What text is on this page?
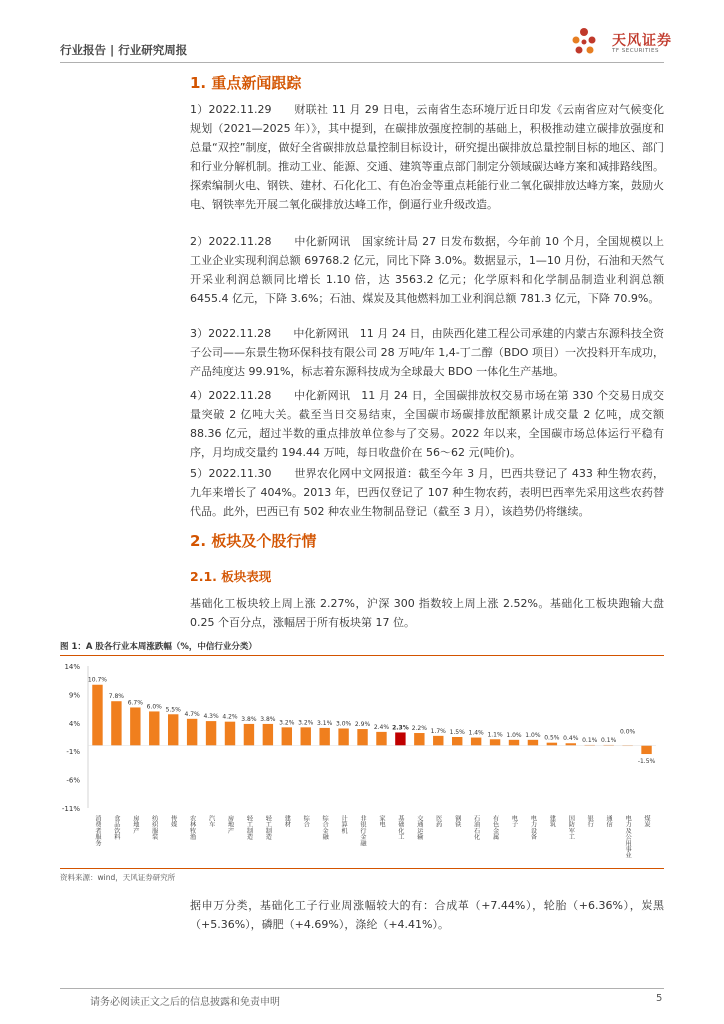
行业报告 | 行业研究周报
天风证券
TF SECURITIES
1. 重点新闻跟踪
1）2022.11.29　　财联社 11 月 29 日电，云南省生态环境厅近日印发《云南省应对气候变化规划（2021—2025 年）》，其中提到，在碳排放强度控制的基础上，积极推动建立碳排放强度和总量“双控”制度，做好全省碳排放总量控制目标设计，研究提出碳排放总量控制目标的地区、部门和行业分解机制。推动工业、能源、交通、建筑等重点部门制定分领域碳达峰方案和减排路线图。探索编制火电、钢铁、建材、石化化工、有色冶金等重点耗能行业二氧化碳排放达峰方案，鼓励火电、钢铁率先开展二氧化碳排放达峰工作，倒逼行业升级改造。
2）2022.11.28　　中化新网讯　国家统计局 27 日发布数据，今年前 10 个月，全国规模以上工业企业实现利润总额 69768.2 亿元，同比下降 3.0%。数据显示，1—10 月份，石油和天然气开采业利润总额同比增长 1.10 倍，达 3563.2 亿元；化学原料和化学制品制造业利润总额 6455.4 亿元，下降 3.6%；石油、煤炭及其他燃料加工业利润总额 781.3 亿元，下降 70.9%。
3）2022.11.28　　中化新网讯　11 月 24 日，由陕西化建工程公司承建的内蒙古东源科技全资子公司——东景生物环保科技有限公司 28 万吨/年 1,4-丁二醇（BDO 项目）一次投料开车成功，产品纯度达 99.91%，标志着东源科技成为全球最大 BDO 一体化生产基地。
4）2022.11.28　　中化新网讯　11 月 24 日，全国碳排放权交易市场在第 330 个交易日成交量突破 2 亿吨大关。截至当日交易结束，全国碳市场碳排放配额累计成交量 2 亿吨，成交额 88.36 亿元，超过半数的重点排放单位参与了交易。2022 年以来，全国碳市场总体运行平稳有序，月均成交量约 194.44 万吨，每日收盘价在 56～62 元(吨价)。
5）2022.11.30　　世界农化网中文网报道：截至今年 3 月，巴西共登记了 433 种生物农药，九年来增长了 404%。2013 年，巴西仅登记了 107 种生物农药，表明巴西率先采用这些农药替代品。此外，巴西已有 502 种农业生物制品登记（截至 3 月），该趋势仍将继续。
2. 板块及个股行情
2.1. 板块表现
基础化工板块较上周上涨 2.27%，沪深 300 指数较上周上涨 2.52%。基础化工板块跑输大盘 0.25 个百分点，涨幅居于所有板块第 17 位。
图 1：A 股各行业本周涨跌幅（%，中信行业分类）
14%
9%
4%
-1%
-6%
-11%
10.7%
消费者服务
7.8%
食品饮料
6.7%
房地产
6.0%
纺织服装
5.5%
传媒
4.7%
农林牧渔
4.3%
汽车
4.2%
房地产
3.8%
轻工制造
3.8%
轻工制造
3.2%
建材
3.2%
综合
3.1%
综合金融
3.0%
计算机
2.9%
非银行金融
2.4%
家电
2.3%
基础化工
2.2%
交通运输
1.7%
医药
1.5%
钢铁
1.4%
石油石化
1.1%
有色金属
1.0%
电子
1.0%
电力设备
0.5%
建筑
0.4%
国防军工
0.1%
银行
0.1%
通信
0.0%
电力及公用事业
-1.5%
煤炭
资料来源：wind，天风证券研究所
据申万分类，基础化工子行业周涨幅较大的有：合成革（+7.44%），轮胎（+6.36%），炭黑（+5.36%），磷肥（+4.69%），涤纶（+4.41%）。
请务必阅读正文之后的信息披露和免责申明	5
